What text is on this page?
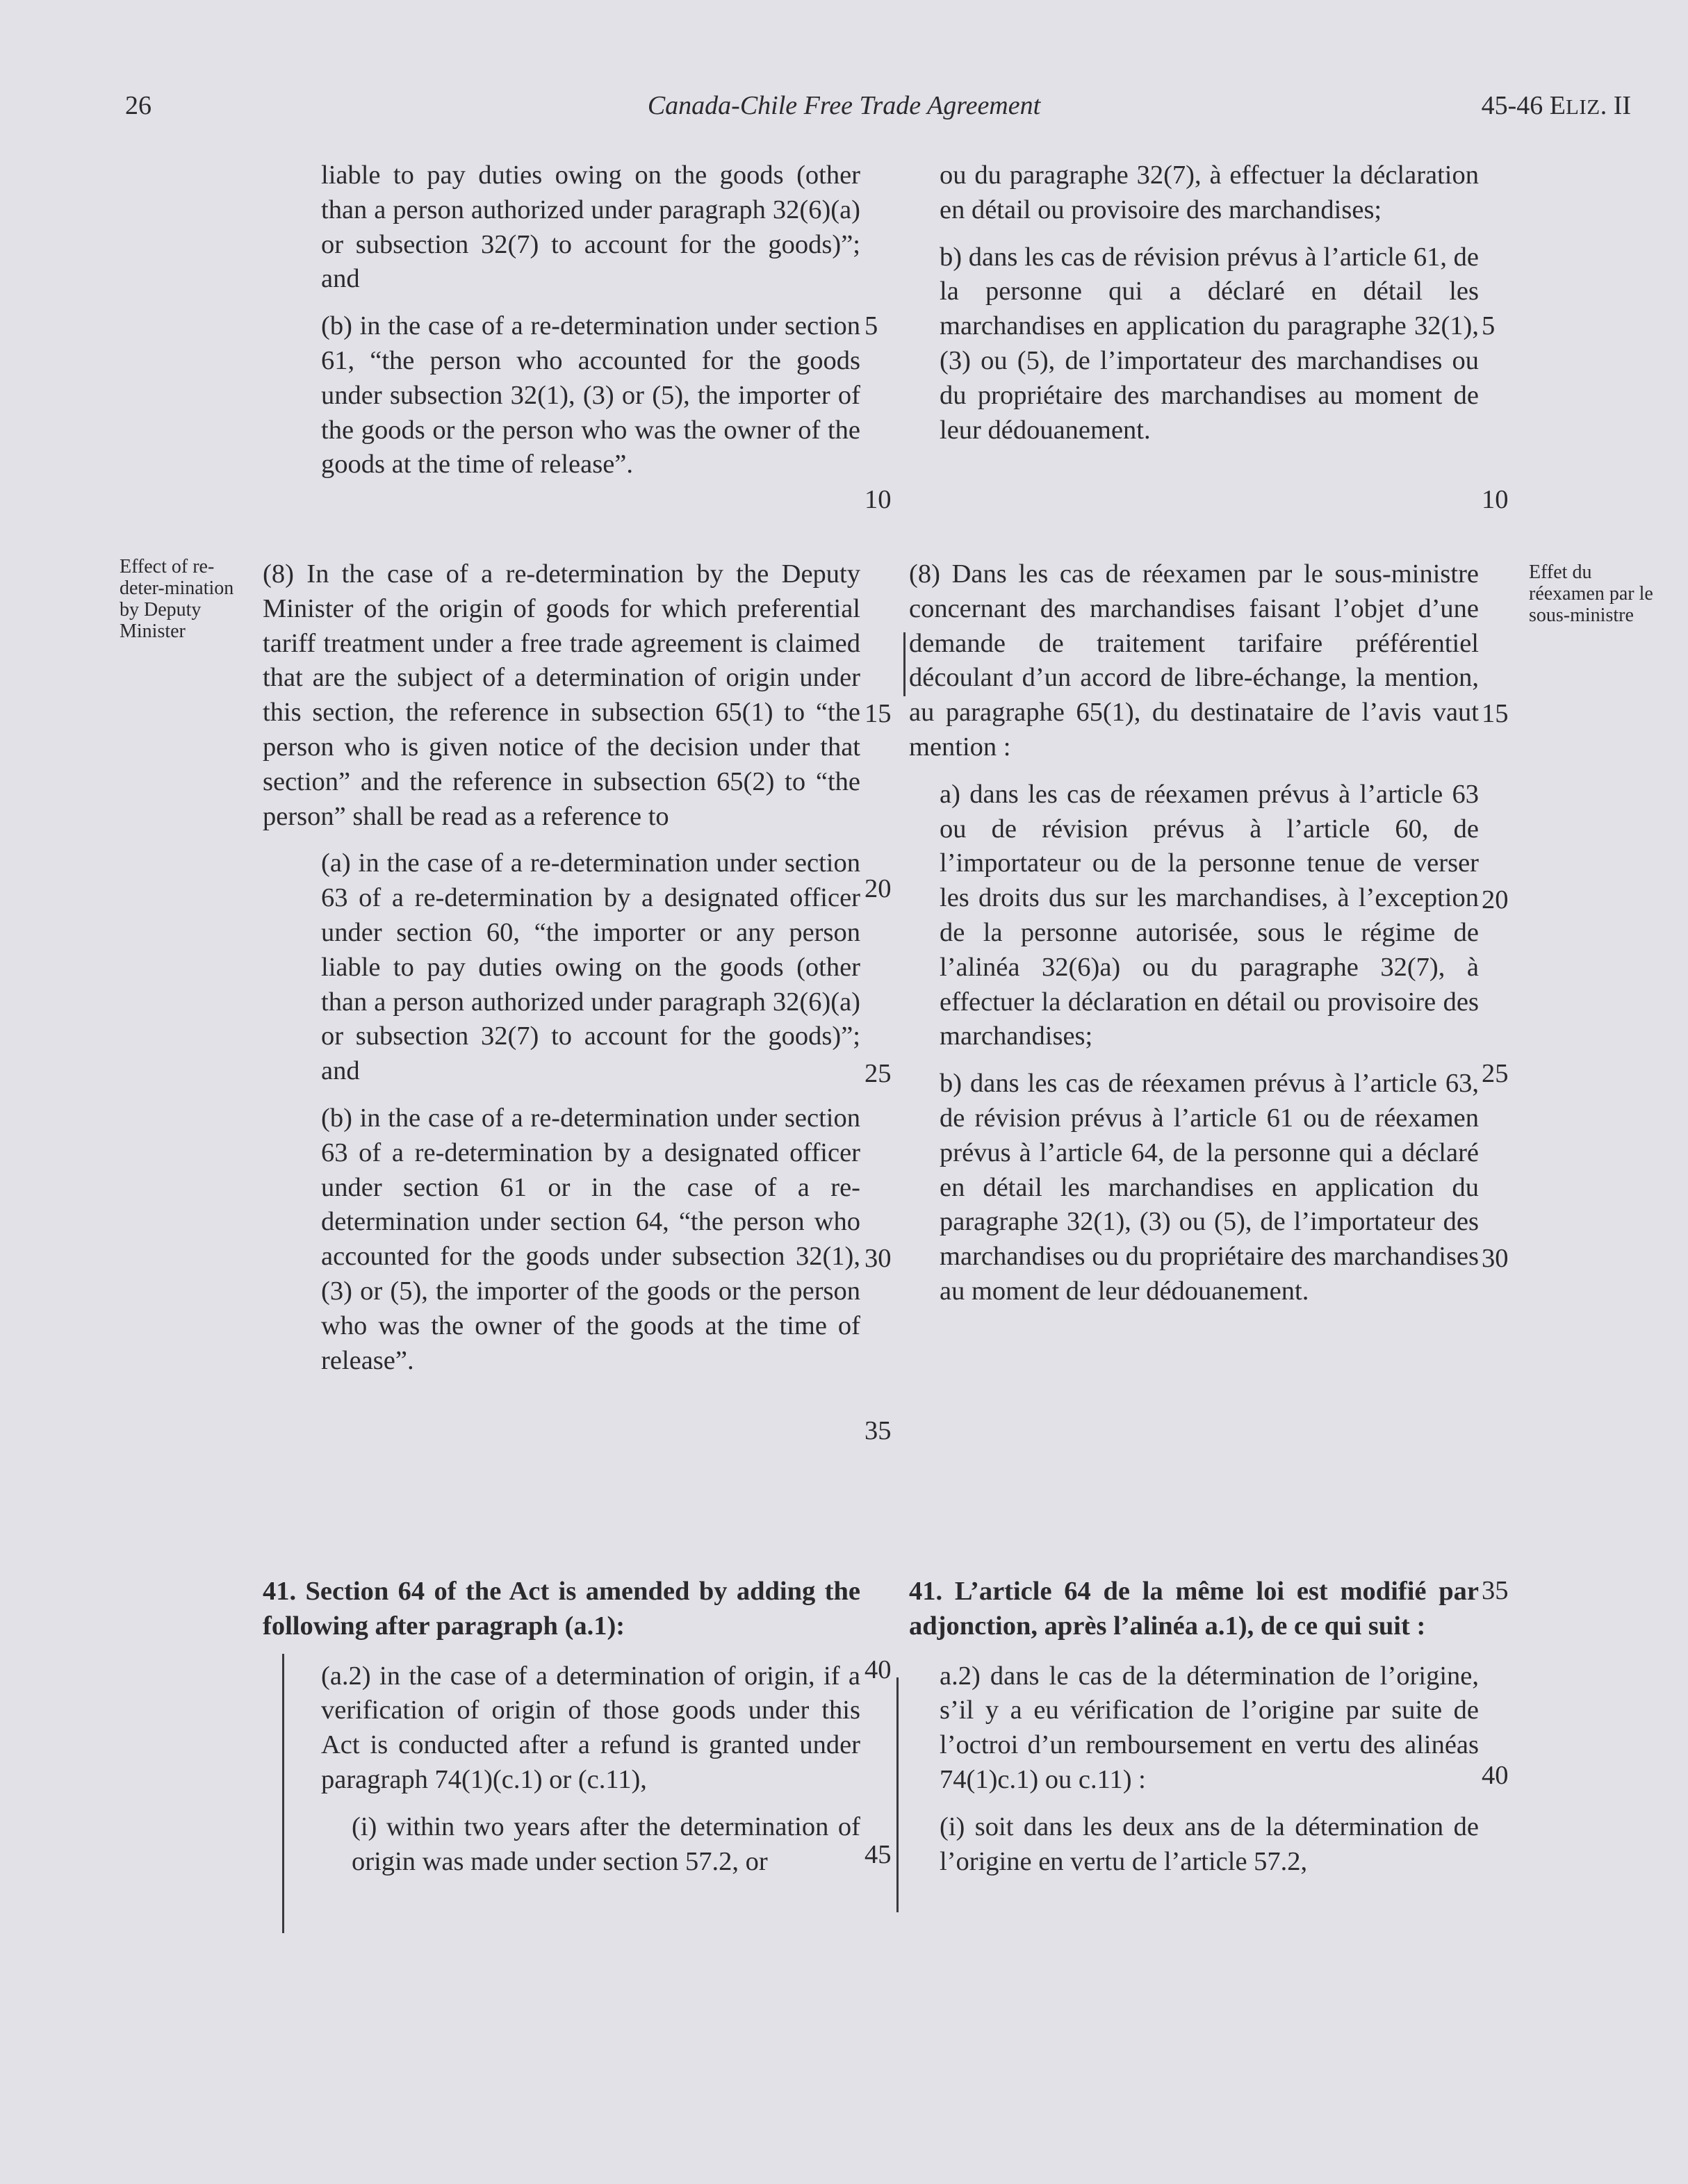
Canada-Chile Free Trade Agreement
26	45-46 ELIZ. II
Effect of re-deter-mination by Deputy Minister
Effet du réexamen par le sous-ministre

liable to pay duties owing on the goods (other than a person authorized under paragraph 32(6)(a) or subsection 32(7) to account for the goods)”; and

(b) in the case of a re-determination under section 61, “the person who accounted for the goods under subsection 32(1), (3) or (5), the importer of the goods or the person who was the owner of the goods at the time of release”.

(8) In the case of a re-determination by the Deputy Minister of the origin of goods for which preferential tariff treatment under a free trade agreement is claimed that are the subject of a determination of origin under this section, the reference in subsection 65(1) to “the person who is given notice of the decision under that section” and the reference in subsection 65(2) to “the person” shall be read as a reference to

(a) in the case of a re-determination under section 63 of a re-determination by a designated officer under section 60, “the importer or any person liable to pay duties owing on the goods (other than a person authorized under paragraph 32(6)(a) or subsection 32(7) to account for the goods)”; and

(b) in the case of a re-determination under section 63 of a re-determination by a designated officer under section 61 or in the case of a re-determination under section 64, “the person who accounted for the goods under subsection 32(1), (3) or (5), the importer of the goods or the person who was the owner of the goods at the time of release”.

41. Section 64 of the Act is amended by adding the following after paragraph (a.1):

(a.2) in the case of a determination of origin, if a verification of origin of those goods under this Act is conducted after a refund is granted under paragraph 74(1)(c.1) or (c.11),

(i) within two years after the determination of origin was made under section 57.2, or

ou du paragraphe 32(7), à effectuer la déclaration en détail ou provisoire des marchandises;

b) dans les cas de révision prévus à l’article 61, de la personne qui a déclaré en détail les marchandises en application du paragraphe 32(1), (3) ou (5), de l’importateur des marchandises ou du propriétaire des marchandises au moment de leur dédouanement.

(8) Dans les cas de réexamen par le sous-ministre concernant des marchandises faisant l’objet d’une demande de traitement tarifaire préférentiel découlant d’un accord de libre-échange, la mention, au paragraphe 65(1), du destinataire de l’avis vaut mention :

a) dans les cas de réexamen prévus à l’article 63 ou de révision prévus à l’article 60, de l’importateur ou de la personne tenue de verser les droits dus sur les marchandises, à l’exception de la personne autorisée, sous le régime de l’alinéa 32(6)a) ou du paragraphe 32(7), à effectuer la déclaration en détail ou provisoire des marchandises;

b) dans les cas de réexamen prévus à l’article 63, de révision prévus à l’article 61 ou de réexamen prévus à l’article 64, de la personne qui a déclaré en détail les marchandises en application du paragraphe 32(1), (3) ou (5), de l’importateur des marchandises ou du propriétaire des marchandises au moment de leur dédouanement.

41. L’article 64 de la même loi est modifié par adjonction, après l’alinéa a.1), de ce qui suit :

a.2) dans le cas de la détermination de l’origine, s’il y a eu vérification de l’origine par suite de l’octroi d’un remboursement en vertu des alinéas 74(1)c.1) ou c.11) :

(i) soit dans les deux ans de la détermination de l’origine en vertu de l’article 57.2,

5
10
15
20
25
30
35
40
45
5
10
15
20
25
30
35
40
